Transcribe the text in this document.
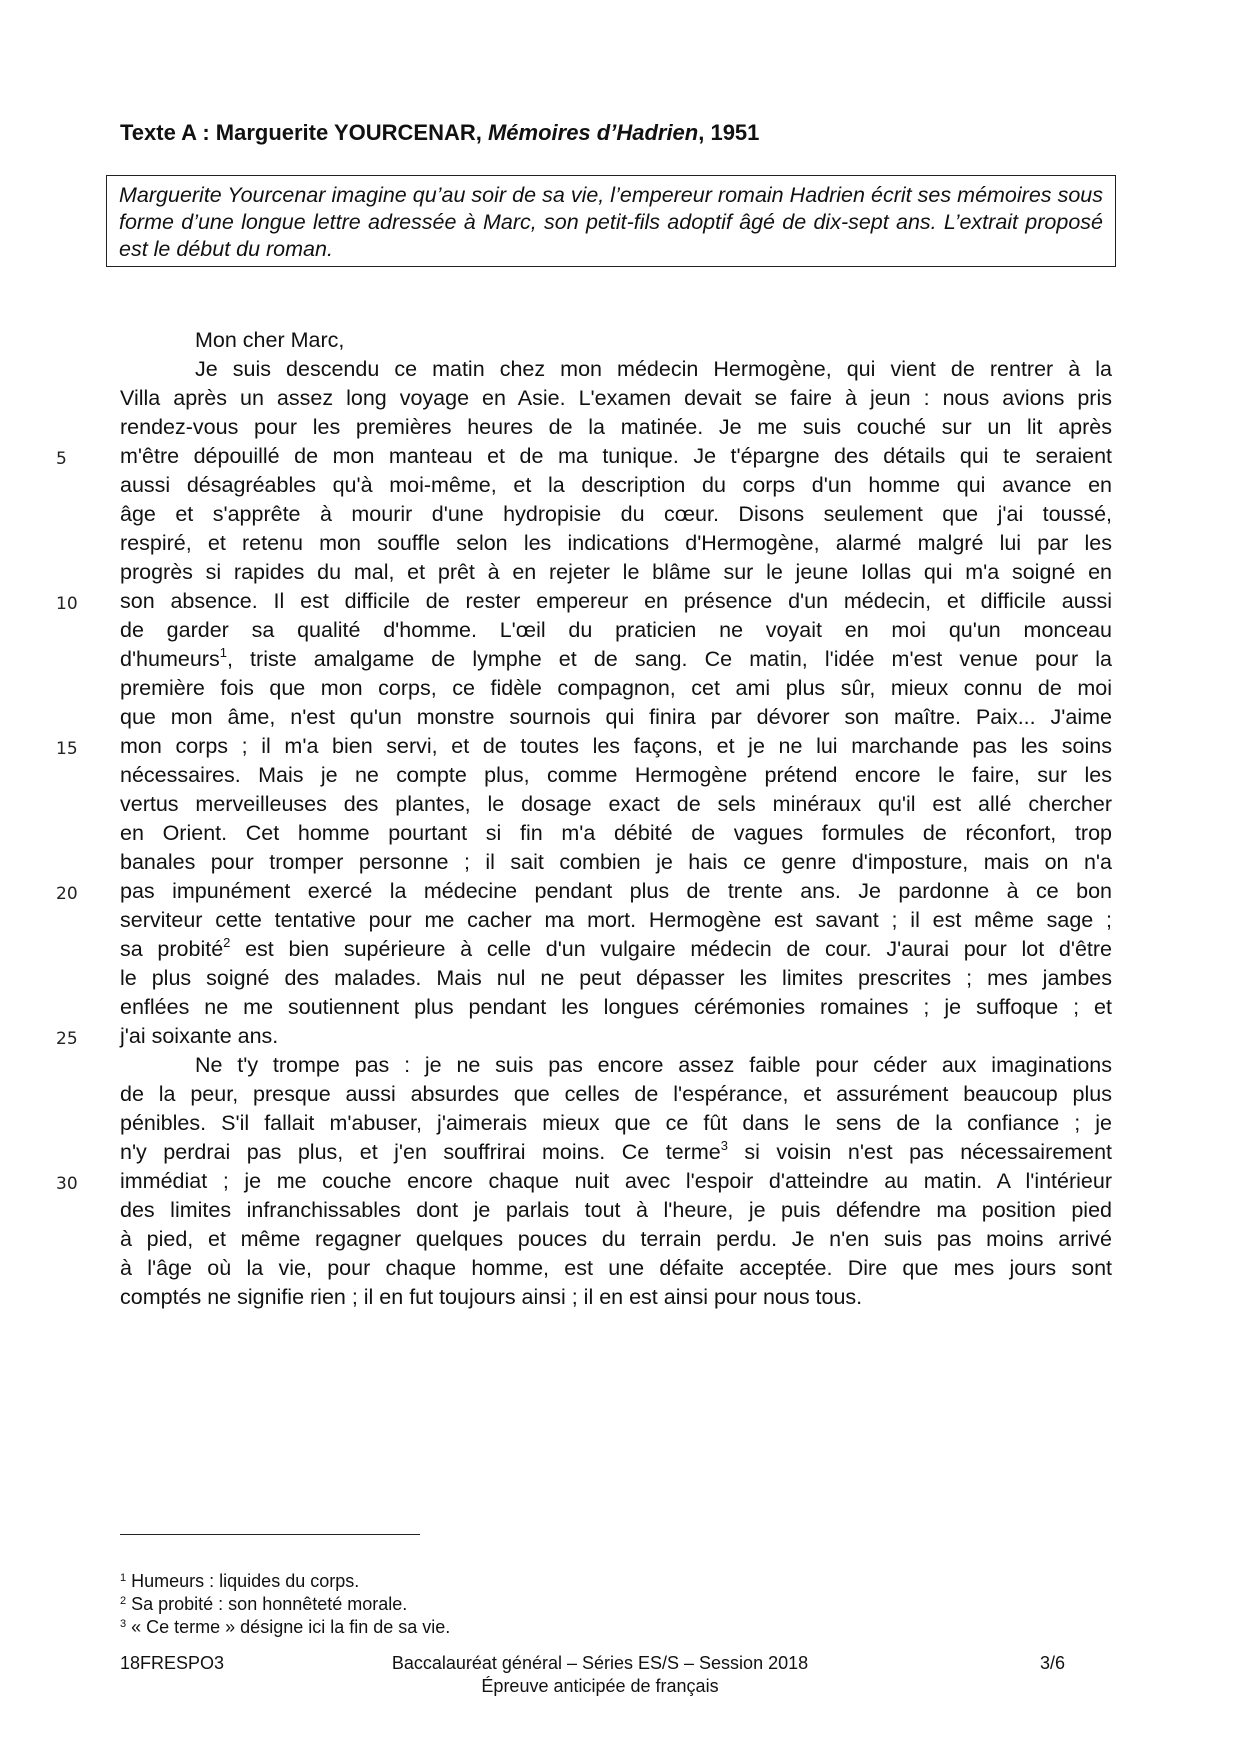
Texte A : Marguerite YOURCENAR, Mémoires d’Hadrien, 1951
Marguerite Yourcenar imagine qu’au soir de sa vie, l’empereur romain Hadrien écrit ses mémoires sous forme d’une longue lettre adressée à Marc, son petit-fils adoptif âgé de dix-sept ans. L’extrait proposé est le début du roman.
Mon cher Marc,
Je suis descendu ce matin chez mon médecin Hermogène, qui vient de rentrer à la
Villa après un assez long voyage en Asie. L'examen devait se faire à jeun : nous avions pris
rendez-vous pour les premières heures de la matinée. Je me suis couché sur un lit après
m'être dépouillé de mon manteau et de ma tunique. Je t'épargne des détails qui te seraient
aussi désagréables qu'à moi-même, et la description du corps d'un homme qui avance en
âge et s'apprête à mourir d'une hydropisie du cœur. Disons seulement que j'ai toussé,
respiré, et retenu mon souffle selon les indications d'Hermogène, alarmé malgré lui par les
progrès si rapides du mal, et prêt à en rejeter le blâme sur le jeune Iollas qui m'a soigné en
son absence. Il est difficile de rester empereur en présence d'un médecin, et difficile aussi
de garder sa qualité d'homme. L'œil du praticien ne voyait en moi qu'un monceau
d'humeurs$^1$, triste amalgame de lymphe et de sang. Ce matin, l'idée m'est venue pour la
première fois que mon corps, ce fidèle compagnon, cet ami plus sûr, mieux connu de moi
que mon âme, n'est qu'un monstre sournois qui finira par dévorer son maître. Paix... J'aime
mon corps ; il m'a bien servi, et de toutes les façons, et je ne lui marchande pas les soins
nécessaires. Mais je ne compte plus, comme Hermogène prétend encore le faire, sur les
vertus merveilleuses des plantes, le dosage exact de sels minéraux qu'il est allé chercher
en Orient. Cet homme pourtant si fin m'a débité de vagues formules de réconfort, trop
banales pour tromper personne ; il sait combien je hais ce genre d'imposture, mais on n'a
pas impunément exercé la médecine pendant plus de trente ans. Je pardonne à ce bon
serviteur cette tentative pour me cacher ma mort. Hermogène est savant ; il est même sage ;
sa probité$^2$ est bien supérieure à celle d'un vulgaire médecin de cour. J'aurai pour lot d'être
le plus soigné des malades. Mais nul ne peut dépasser les limites prescrites ; mes jambes
enflées ne me soutiennent plus pendant les longues cérémonies romaines ; je suffoque ; et
j'ai soixante ans.
Ne t'y trompe pas : je ne suis pas encore assez faible pour céder aux imaginations
de la peur, presque aussi absurdes que celles de l'espérance, et assurément beaucoup plus
pénibles. S'il fallait m'abuser, j'aimerais mieux que ce fût dans le sens de la confiance ; je
n'y perdrai pas plus, et j'en souffrirai moins. Ce terme$^3$ si voisin n'est pas nécessairement
immédiat ; je me couche encore chaque nuit avec l'espoir d'atteindre au matin. A l'intérieur
des limites infranchissables dont je parlais tout à l'heure, je puis défendre ma position pied
à pied, et même regagner quelques pouces du terrain perdu. Je n'en suis pas moins arrivé
à l'âge où la vie, pour chaque homme, est une défaite acceptée. Dire que mes jours sont
comptés ne signifie rien ; il en fut toujours ainsi ; il en est ainsi pour nous tous.
5
10
15
20
25
30
$^1$ Humeurs : liquides du corps.
$^2$ Sa probité : son honnêteté morale.
$^3$ « Ce terme » désigne ici la fin de sa vie.
18FRESPO3	Baccalauréat général – Séries ES/S – Session 2018
Épreuve anticipée de français
3/6
